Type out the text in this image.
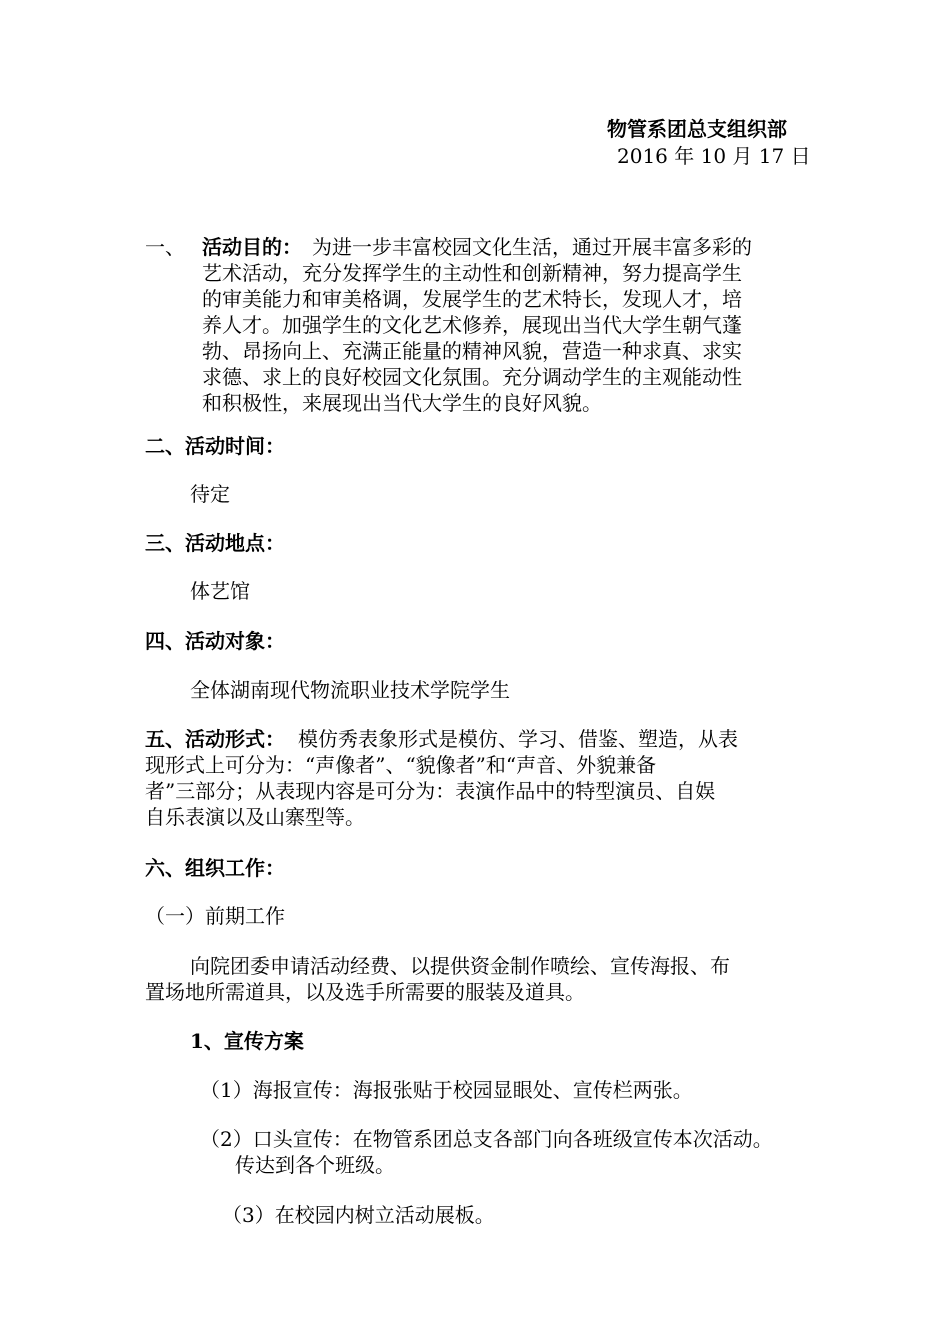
物管系团总支组织部
2016 年 10 月 17 日
一、 活动目的： 为进一步丰富校园文化生活，通过开展丰富多彩的
艺术活动，充分发挥学生的主动性和创新精神，努力提高学生
的审美能力和审美格调，发展学生的艺术特长，发现人才，培
养人才。加强学生的文化艺术修养，展现出当代大学生朝气蓬
勃、昂扬向上、充满正能量的精神风貌，营造一种求真、求实
求德、求上的良好校园文化氛围。充分调动学生的主观能动性
和积极性，来展现出当代大学生的良好风貌。
二、活动时间：
待定
三、活动地点：
体艺馆
四、活动对象：
全体湖南现代物流职业技术学院学生
五、活动形式： 模仿秀表象形式是模仿、学习、借鉴、塑造，从表
现形式上可分为：“声像者”、“貌像者”和“声音、外貌兼备
者”三部分；从表现内容是可分为：表演作品中的特型演员、自娱
自乐表演以及山寨型等。
六、组织工作：
（一）前期工作
向院团委申请活动经费、以提供资金制作喷绘、宣传海报、布
置场地所需道具，以及选手所需要的服装及道具。
1、宣传方案
（1）海报宣传：海报张贴于校园显眼处、宣传栏两张。
（2）口头宣传：在物管系团总支各部门向各班级宣传本次活动。
传达到各个班级。
（3）在校园内树立活动展板。
